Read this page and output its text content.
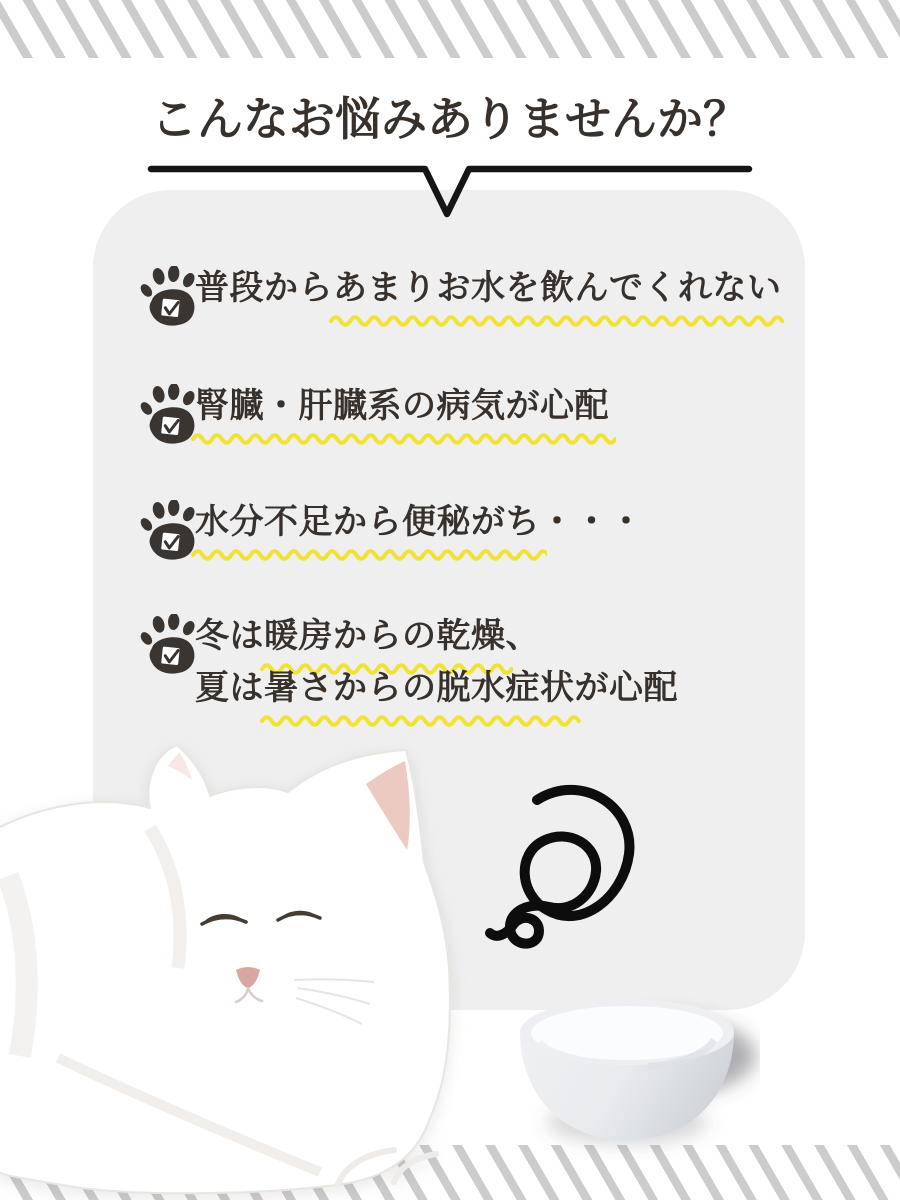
こんなお悩みありませんか？
普段からあまりお水を飲んでくれない
腎臓・肝臓系の病気が心配
水分不足から便秘がち・・・
冬は暖房からの乾燥、
夏は暑さからの脱水症状が心配
